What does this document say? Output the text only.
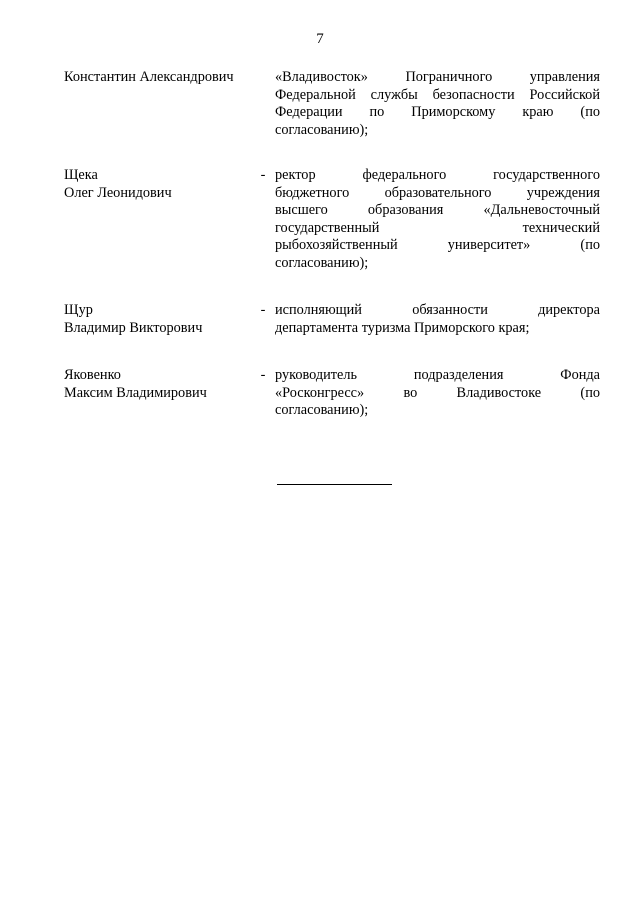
7
Константин Александрович	«Владивосток» Пограничного управления
Федеральной службы безопасности Российской
Федерации по Приморскому краю (по
согласованию);
Щека
Олег Леонидович
- ректор федерального государственного
бюджетного образовательного учреждения
высшего образования «Дальневосточный
государственный технический
рыбохозяйственный университет» (по
согласованию);
Щур
Владимир Викторович
- исполняющий обязанности директора
департамента туризма Приморского края;
Яковенко
Максим Владимирович
- руководитель подразделения Фонда
«Росконгресс» во Владивостоке (по
согласованию);
